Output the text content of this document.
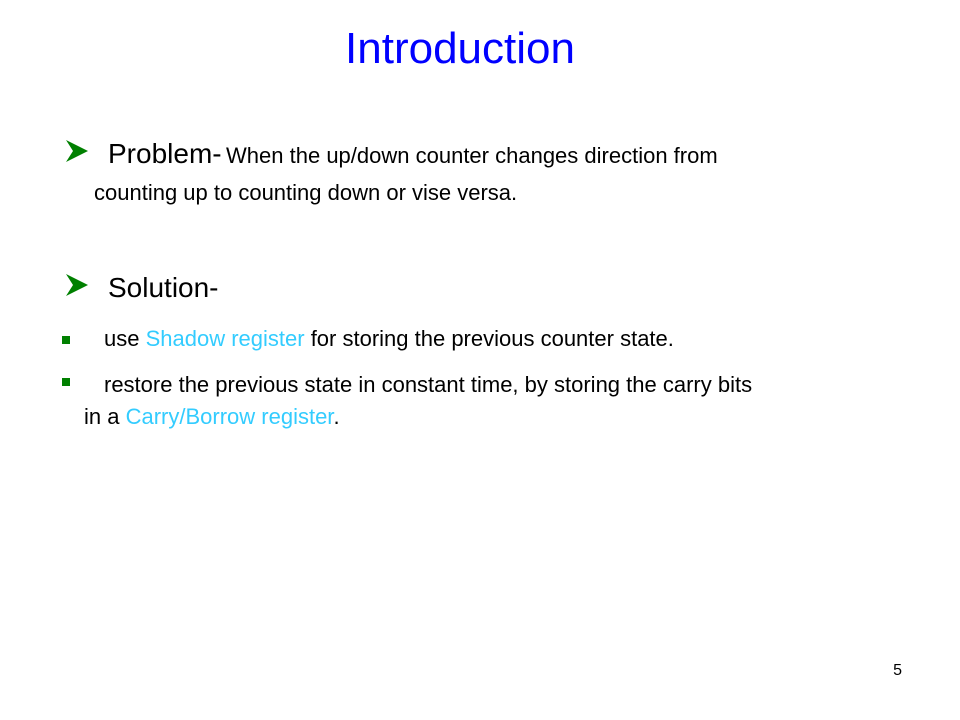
Introduction
Problem- When the up/down counter changes direction from
counting up to counting down or vise versa.
Solution-
use Shadow register for storing the previous counter state.
restore the previous state in constant time, by storing the carry bits
in a Carry/Borrow register.
5
